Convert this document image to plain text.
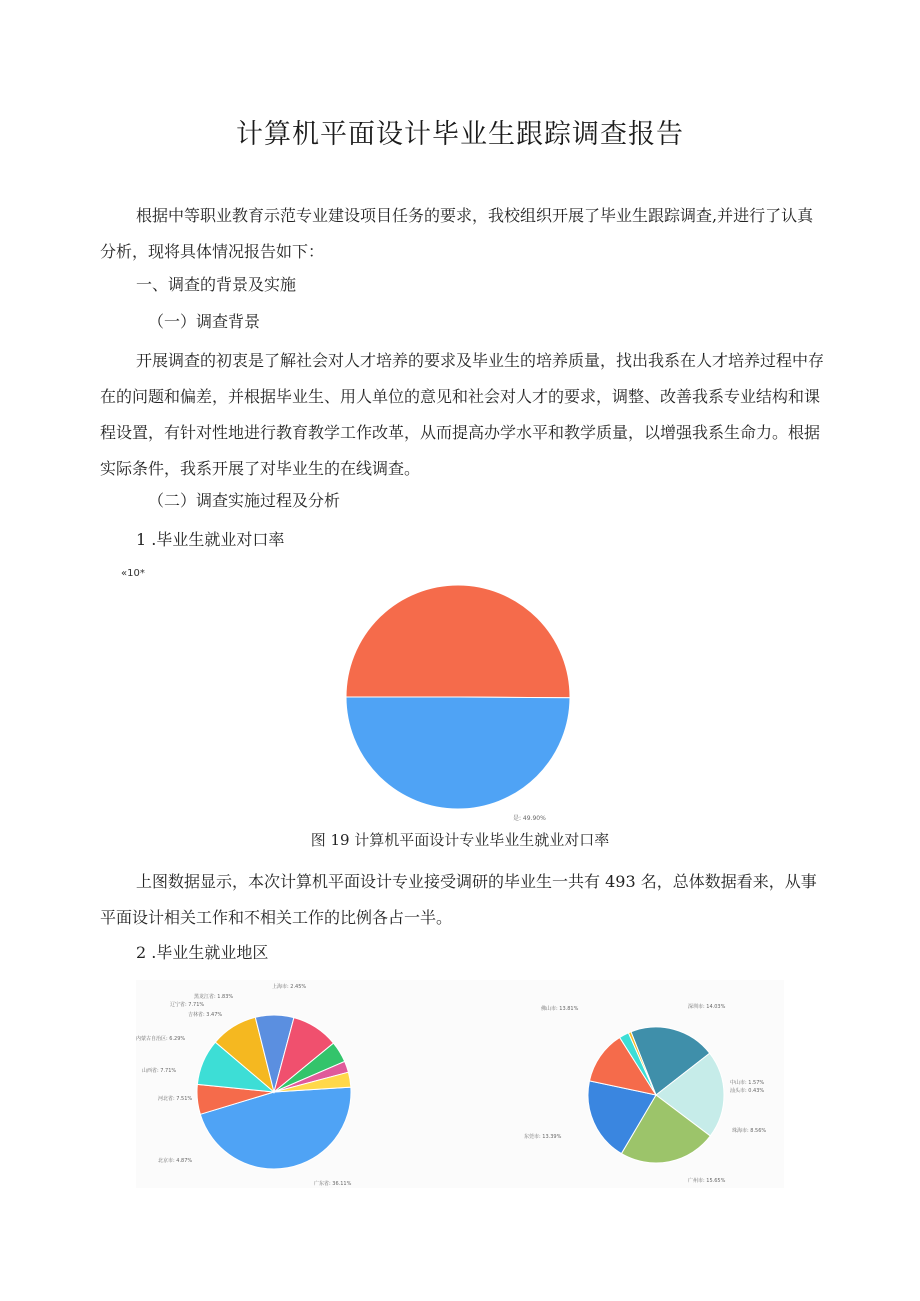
计算机平面设计毕业生跟踪调查报告
根据中等职业教育示范专业建设项目任务的要求，我校组织开展了毕业生跟踪调查,并进行了认真分析，现将具体情况报告如下：
一、调查的背景及实施
（一）调查背景
开展调查的初衷是了解社会对人才培养的要求及毕业生的培养质量，找出我系在人才培养过程中存在的问题和偏差，并根据毕业生、用人单位的意见和社会对人才的要求，调整、改善我系专业结构和课程设置，有针对性地进行教育教学工作改革，从而提高办学水平和教学质量，以增强我系生命力。根据实际条件，我系开展了对毕业生的在线调查。
（二）调查实施过程及分析
1 .毕业生就业对口率
«10*
是: 49.90%
图 19 计算机平面设计专业毕业生就业对口率
上图数据显示，本次计算机平面设计专业接受调研的毕业生一共有 493 名，总体数据看来，从事平面设计相关工作和不相关工作的比例各占一半。
2 .毕业生就业地区
河北省: 7.51%
北京市: 4.87%
山西省: 7.71%
内蒙古自治区: 6.29%
辽宁省: 7.71%
吉林省: 3.47%
黑龙江省: 1.83%
上海市: 2.45%
广东省: 36.11%
佛山市: 13.81%	深圳市: 14.03%
广州市: 15.65%
东莞市: 13.39%
珠海市: 8.56%
中山市: 1.57%
汕头市: 0.43%
